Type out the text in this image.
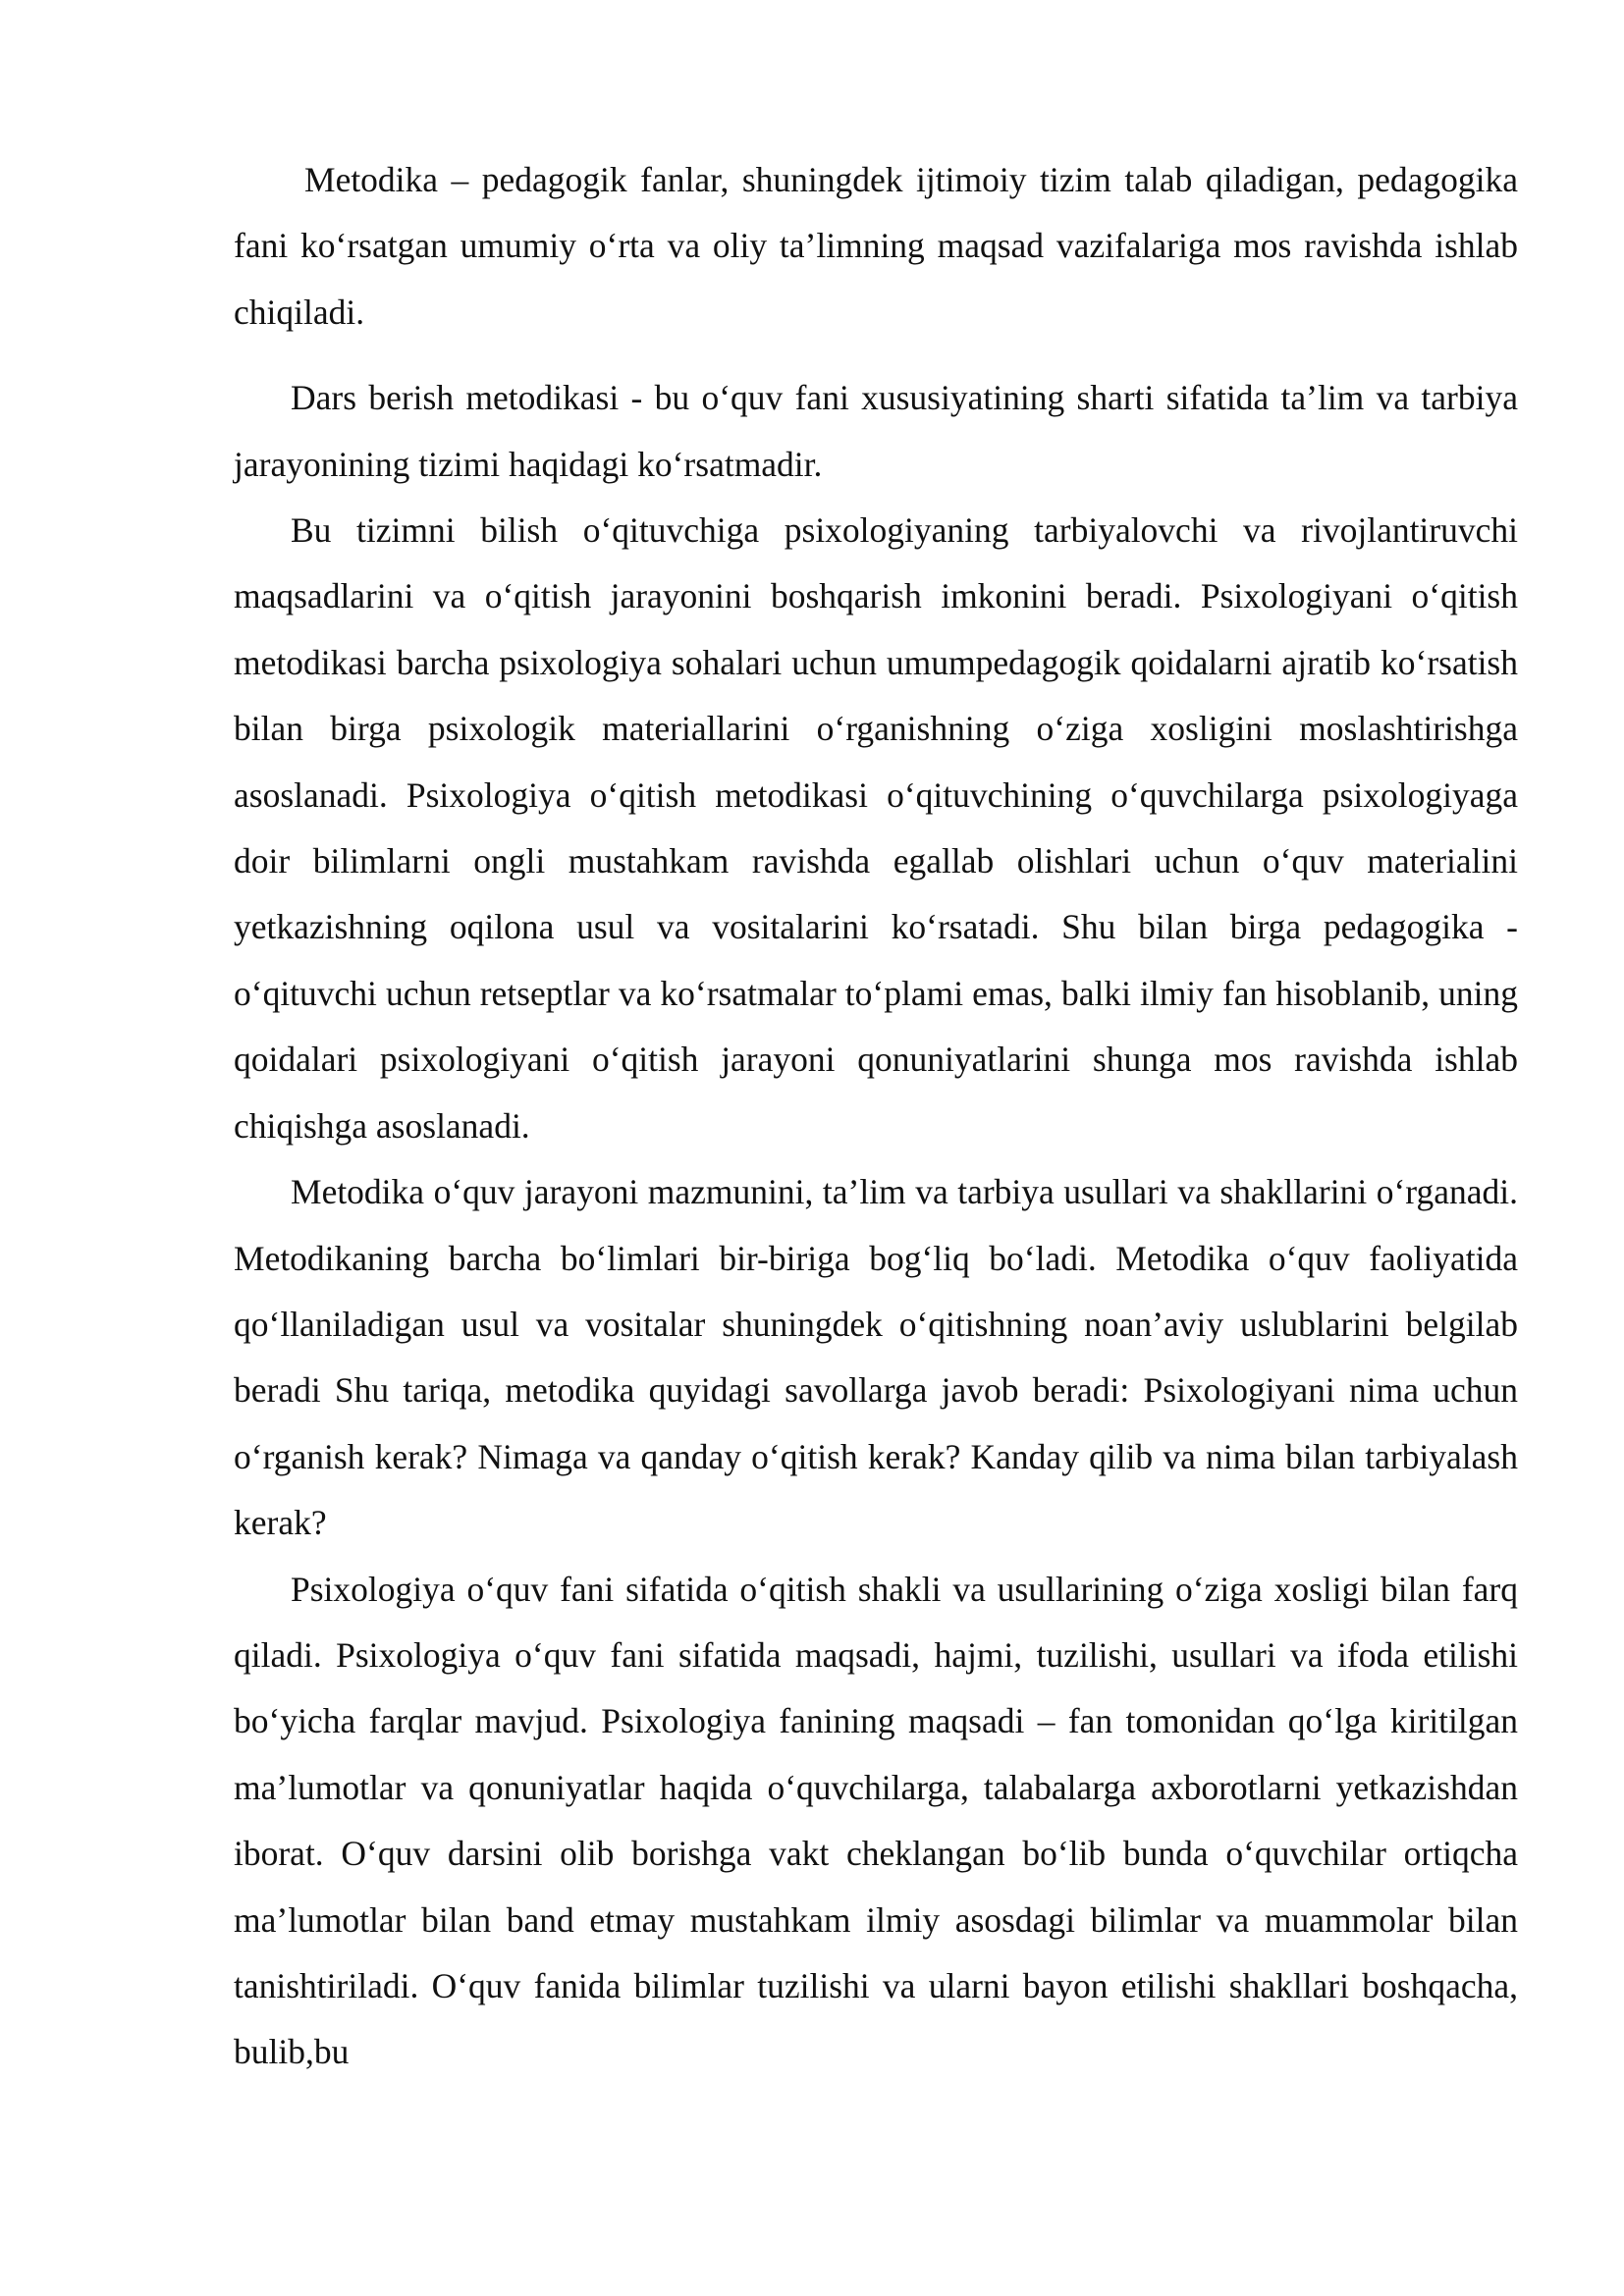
Metodika – pedagogik fanlar, shuningdek ijtimoiy tizim talab qiladigan, pedagogika fani ko‘rsatgan umumiy o‘rta va oliy ta’limning maqsad vazifalariga mos ravishda ishlab chiqiladi.

Dars berish metodikasi - bu o‘quv fani xususiyatining sharti sifatida ta’lim va tarbiya jarayonining tizimi haqidagi ko‘rsatmadir.

Bu tizimni bilish o‘qituvchiga psixologiyaning tarbiyalovchi va rivojlantiruvchi maqsadlarini va o‘qitish jarayonini boshqarish imkonini beradi. Psixologiyani o‘qitish metodikasi barcha psixologiya sohalari uchun umumpedagogik qoidalarni ajratib ko‘rsatish bilan birga psixologik materiallarini o‘rganishning o‘ziga xosligini moslashtirishga asoslanadi. Psixologiya o‘qitish metodikasi o‘qituvchining o‘quvchilarga psixologiyaga doir bilimlarni ongli mustahkam ravishda egallab olishlari uchun o‘quv materialini yetkazishning oqilona usul va vositalarini ko‘rsatadi. Shu bilan birga pedagogika - o‘qituvchi uchun retseptlar va ko‘rsatmalar to‘plami emas, balki ilmiy fan hisoblanib, uning qoidalari psixologiyani o‘qitish jarayoni qonuniyatlarini shunga mos ravishda ishlab chiqishga asoslanadi.

Metodika o‘quv jarayoni mazmunini, ta’lim va tarbiya usullari va shakllarini o‘rganadi. Metodikaning barcha bo‘limlari bir-biriga bog‘liq bo‘ladi. Metodika o‘quv faoliyatida qo‘llaniladigan usul va vositalar shuningdek o‘qitishning noan’aviy uslublarini belgilab beradi Shu tariqa, metodika quyidagi savollarga javob beradi: Psixologiyani nima uchun o‘rganish kerak? Nimaga va qanday o‘qitish kerak? Kanday qilib va nima bilan tarbiyalash kerak?

Psixologiya o‘quv fani sifatida o‘qitish shakli va usullarining o‘ziga xosligi bilan farq qiladi. Psixologiya o‘quv fani sifatida maqsadi, hajmi, tuzilishi, usullari va ifoda etilishi bo‘yicha farqlar mavjud. Psixologiya fanining maqsadi – fan tomonidan qo‘lga kiritilgan ma’lumotlar va qonuniyatlar haqida o‘quvchilarga, talabalarga axborotlarni yetkazishdan iborat. O‘quv darsini olib borishga vakt cheklangan bo‘lib bunda o‘quvchilar ortiqcha ma’lumotlar bilan band etmay mustahkam ilmiy asosdagi bilimlar va muammolar bilan tanishtiriladi. O‘quv fanida bilimlar tuzilishi va ularni bayon etilishi shakllari boshqacha, bulib,bu
